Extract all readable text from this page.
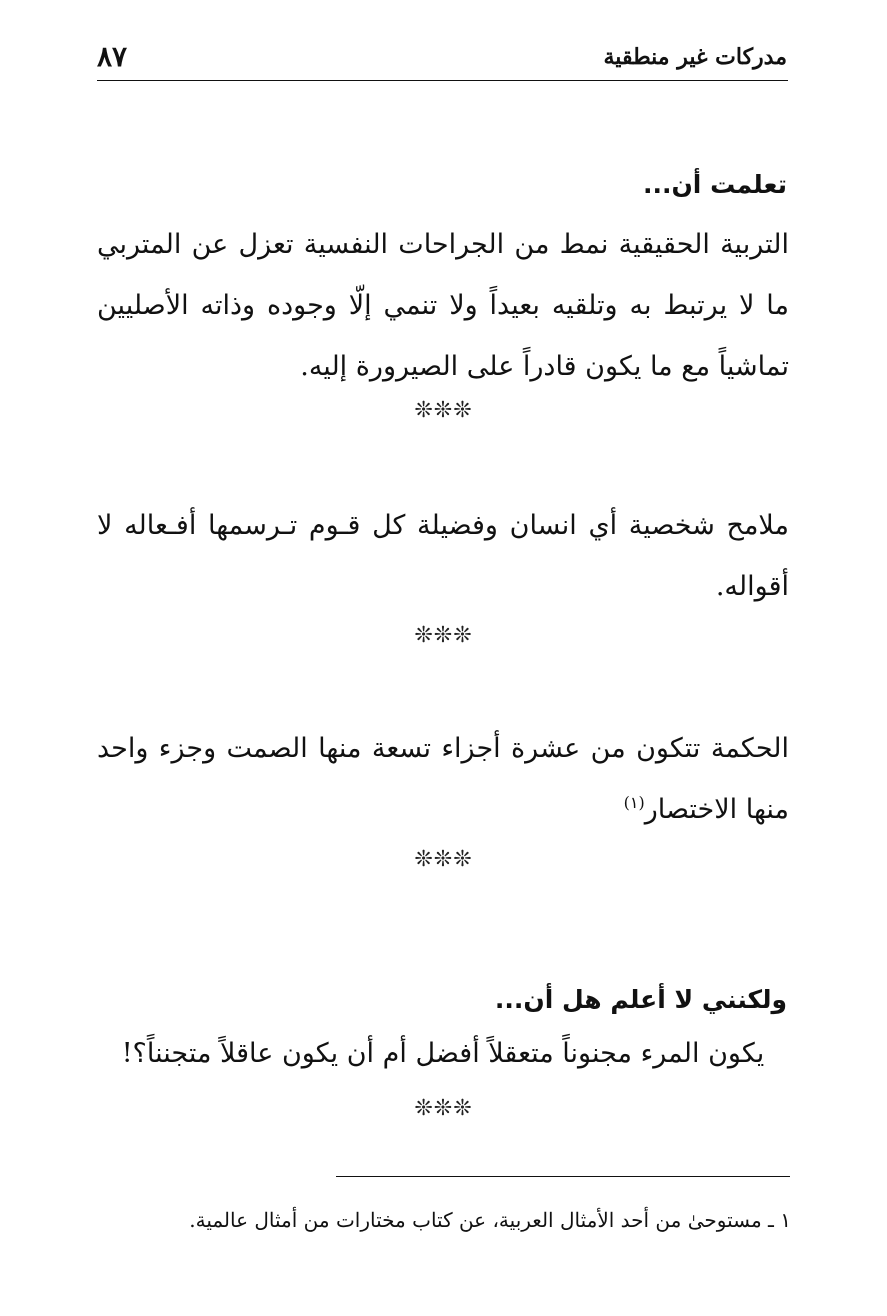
مدركات غير منطقية
٨٧
تعلمت أن...
التربية الحقيقية نمط من الجراحات النفسية تعزل عن المتربي ما لا يرتبط به وتلقيه بعيداً ولا تنمي إلّا وجوده وذاته الأصليين تماشياً مع ما يكون قادراً على الصيرورة إليه.
❊❊❊
ملامح شخصية أي انسان وفضيلة كل قـوم تـرسمها أفـعاله لا أقواله.
❊❊❊
الحكمة تتكون من عشرة أجزاء تسعة منها الصمت وجزء واحد منها الاختصار$^{(١)}$
❊❊❊
ولكنني لا أعلم هل أن...
يكون المرء مجنوناً متعقلاً أفضل أم أن يكون عاقلاً متجنناً؟!
❊❊❊
١ ـ مستوحىٰ من أحد الأمثال العربية، عن كتاب مختارات من أمثال عالمية.
